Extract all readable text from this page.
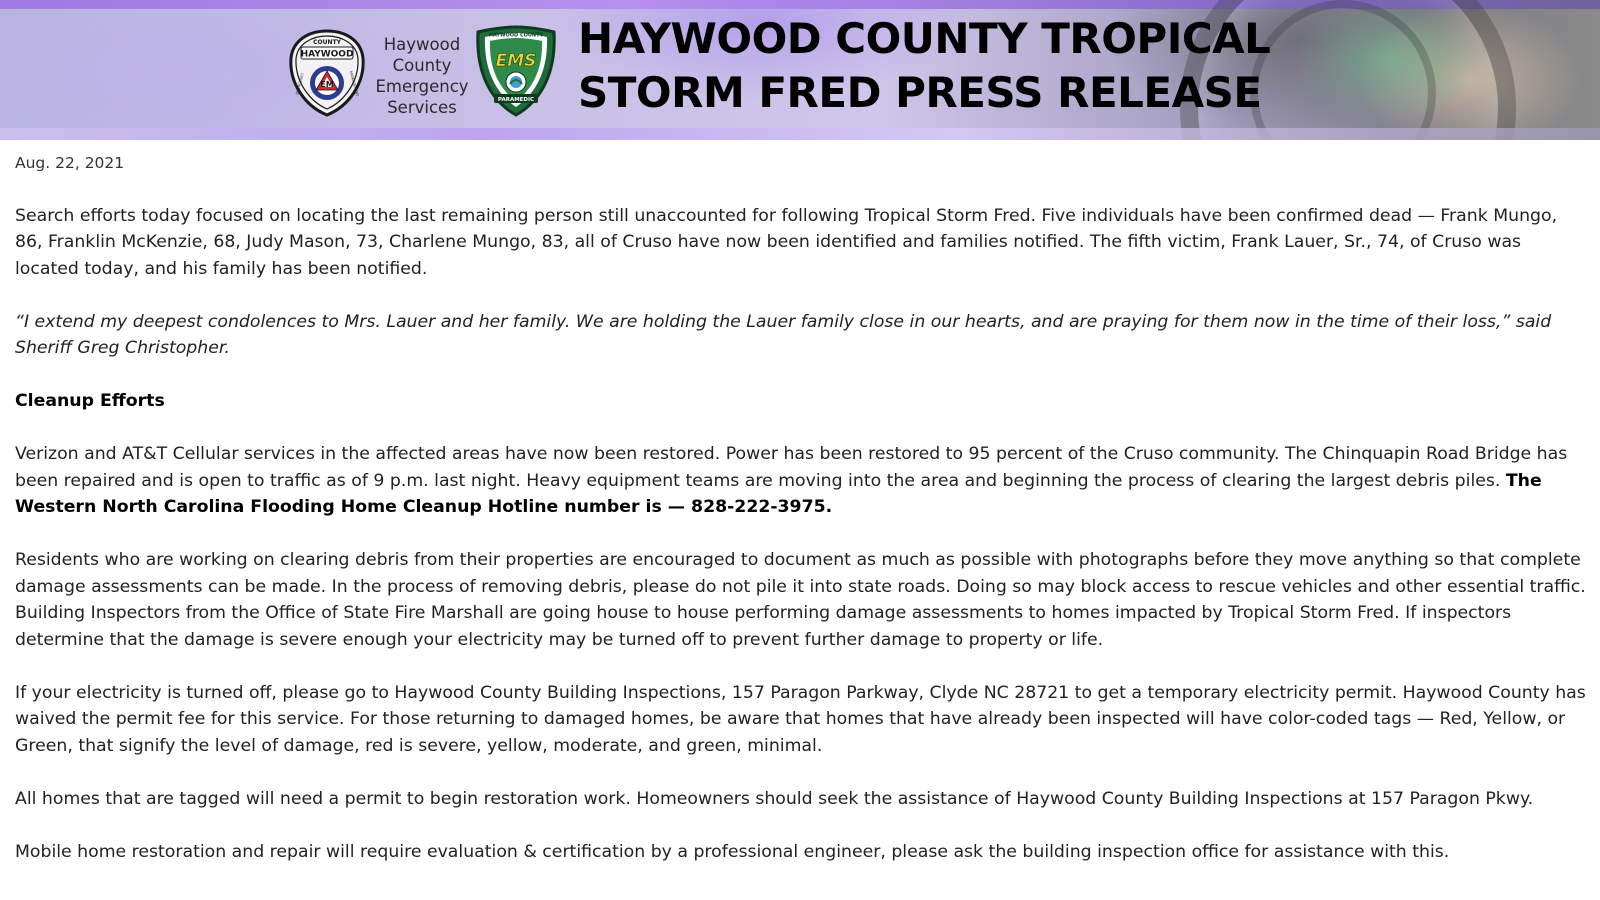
COUNTY
HAYWOOD
EMERGENCY	MANAGEMENT
EM
Haywood
County
Emergency
Services
HAYWOOD COUNTY
EMS
PARAMEDIC
HAYWOOD COUNTY TROPICAL
STORM FRED PRESS RELEASE

Aug. 22, 2021

Search efforts today focused on locating the last remaining person still unaccounted for following Tropical Storm Fred. Five individuals have been confirmed dead — Frank Mungo, 86, Franklin McKenzie, 68, Judy Mason, 73, Charlene Mungo, 83, all of Cruso have now been identified and families notified. The fifth victim, Frank Lauer, Sr., 74, of Cruso was located today, and his family has been notified.

“I extend my deepest condolences to Mrs. Lauer and her family. We are holding the Lauer family close in our hearts, and are praying for them now in the time of their loss,” said Sheriff Greg Christopher.

Cleanup Efforts

Verizon and AT&T Cellular services in the affected areas have now been restored. Power has been restored to 95 percent of the Cruso community. The Chinquapin Road Bridge has been repaired and is open to traffic as of 9 p.m. last night. Heavy equipment teams are moving into the area and beginning the process of clearing the largest debris piles. The Western North Carolina Flooding Home Cleanup Hotline number is — 828-222-3975.

Residents who are working on clearing debris from their properties are encouraged to document as much as possible with photographs before they move anything so that complete damage assessments can be made. In the process of removing debris, please do not pile it into state roads. Doing so may block access to rescue vehicles and other essential traffic. Building Inspectors from the Office of State Fire Marshall are going house to house performing damage assessments to homes impacted by Tropical Storm Fred. If inspectors determine that the damage is severe enough your electricity may be turned off to prevent further damage to property or life.

If your electricity is turned off, please go to Haywood County Building Inspections, 157 Paragon Parkway, Clyde NC 28721 to get a temporary electricity permit. Haywood County has waived the permit fee for this service. For those returning to damaged homes, be aware that homes that have already been inspected will have color-coded tags — Red, Yellow, or Green, that signify the level of damage, red is severe, yellow, moderate, and green, minimal.

All homes that are tagged will need a permit to begin restoration work. Homeowners should seek the assistance of Haywood County Building Inspections at 157 Paragon Pkwy.

Mobile home restoration and repair will require evaluation & certification by a professional engineer, please ask the building inspection office for assistance with this.
